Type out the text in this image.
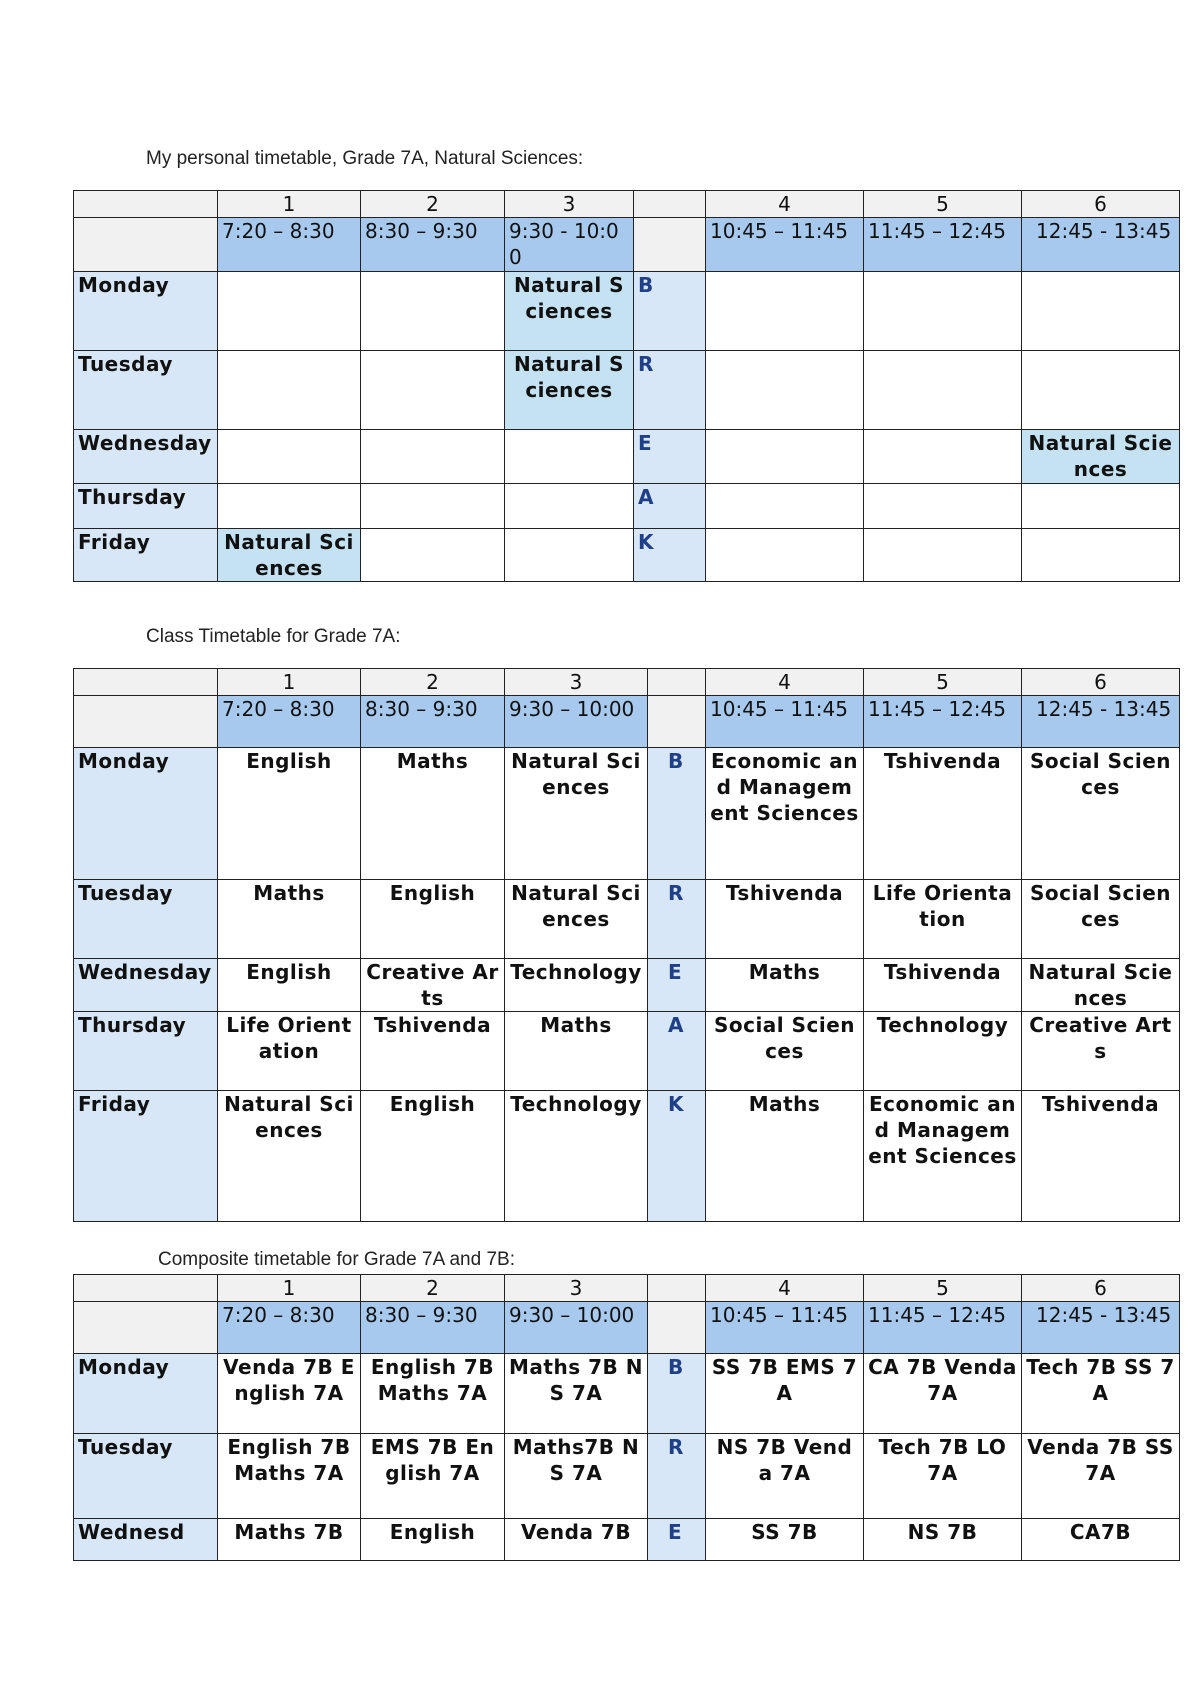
My personal timetable, Grade 7A, Natural Sciences:
	1	2	3		4	5	6
	7:20 – 8:30	8:30 – 9:30	9:30 - 10:00		10:45 – 11:45	11:45 – 12:45	12:45 - 13:45
Monday			Natural Sciences	B			
Tuesday			Natural Sciences	R			
Wednesday				E			Natural Sciences
Thursday				A			
Friday	Natural Sciences			K			
Class Timetable for Grade 7A:
	1	2	3		4	5	6
	7:20 – 8:30	8:30 – 9:30	9:30 – 10:00		10:45 – 11:45	11:45 – 12:45	12:45 - 13:45
Monday	English	Maths	Natural Sciences	B	Economic and Management Sciences	Tshivenda	Social Sciences
Tuesday	Maths	English	Natural Sciences	R	Tshivenda	Life Orientation	Social Sciences
Wednesday	English	Creative Arts	Technology	E	Maths	Tshivenda	Natural Sciences
Thursday	Life Orientation	Tshivenda	Maths	A	Social Sciences	Technology	Creative Arts
Friday	Natural Sciences	English	Technology	K	Maths	Economic and Management Sciences	Tshivenda
Composite timetable for Grade 7A and 7B:
	1	2	3		4	5	6
	7:20 – 8:30	8:30 – 9:30	9:30 – 10:00		10:45 – 11:45	11:45 – 12:45	12:45 - 13:45
Monday	Venda 7B English 7A	English 7B Maths 7A	Maths 7B NS 7A	B	SS 7B EMS 7A	CA 7B Venda 7A	Tech 7B SS 7A
Tuesday	English 7B Maths 7A	EMS 7B English 7A	Maths7B NS 7A	R	NS 7B Venda 7A	Tech 7B LO 7A	Venda 7B SS 7A
Wednesd	Maths 7B	English	Venda 7B	E	SS 7B	NS 7B	CA7B
